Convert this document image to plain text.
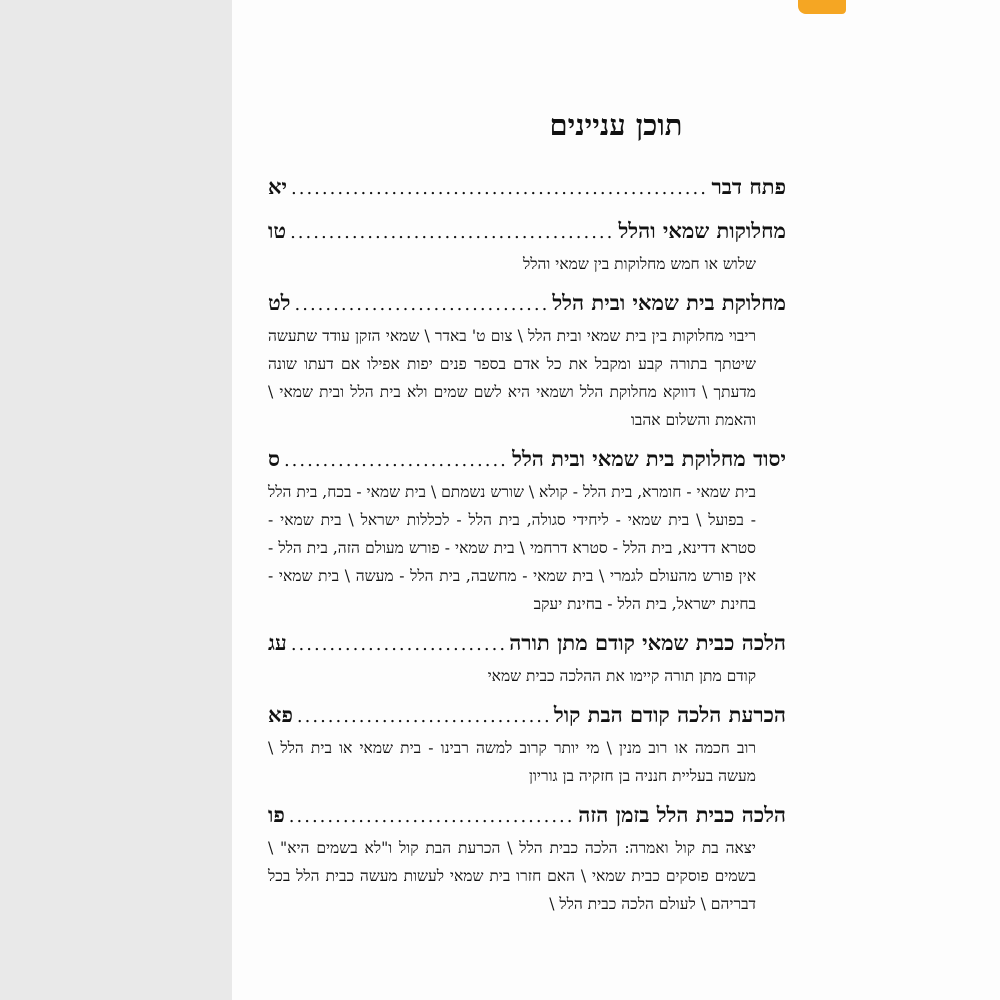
תוכן עניינים
פתח דבר
.....
יא
מחלוקות שמאי והלל
.....
טו
שלוש או חמש מחלוקות בין שמאי והלל
מחלוקת בית שמאי ובית הלל
.....
לט
ריבוי מחלוקות בין בית שמאי ובית הלל \ צום ט' באדר \ שמאי הזקן עודד שתעשה שיטתך בתורה קבע ומקבל את כל אדם בספר פנים יפות אפילו אם דעתו שונה מדעתך \ דווקא מחלוקת הלל ושמאי היא לשם שמים ולא בית הלל ובית שמאי \ והאמת והשלום אהבו
יסוד מחלוקת בית שמאי ובית הלל
.....
ס
בית שמאי - חומרא, בית הלל - קולא \ שורש נשמתם \ בית שמאי - בכח, בית הלל - בפועל \ בית שמאי - ליחידי סגולה, בית הלל - לכללות ישראל \ בית שמאי - סטרא דדינא, בית הלל - סטרא דרחמי \ בית שמאי - פורש מעולם הזה, בית הלל - אין פורש מהעולם לגמרי \ בית שמאי - מחשבה, בית הלל - מעשה \ בית שמאי - בחינת ישראל, בית הלל - בחינת יעקב
הלכה כבית שמאי קודם מתן תורה
.....
עג
קודם מתן תורה קיימו את ההלכה כבית שמאי
הכרעת הלכה קודם הבת קול
.....
פא
רוב חכמה או רוב מנין \ מי יותר קרוב למשה רבינו - בית שמאי או בית הלל \ מעשה בעליית חנניה בן חזקיה בן גוריון
הלכה כבית הלל בזמן הזה
.....
פו
יצאה בת קול ואמרה: הלכה כבית הלל \ הכרעת הבת קול ו"לא בשמים היא" \ בשמים פוסקים כבית שמאי \ האם חזרו בית שמאי לעשות מעשה כבית הלל בכל דבריהם \ לעולם הלכה כבית הלל \
